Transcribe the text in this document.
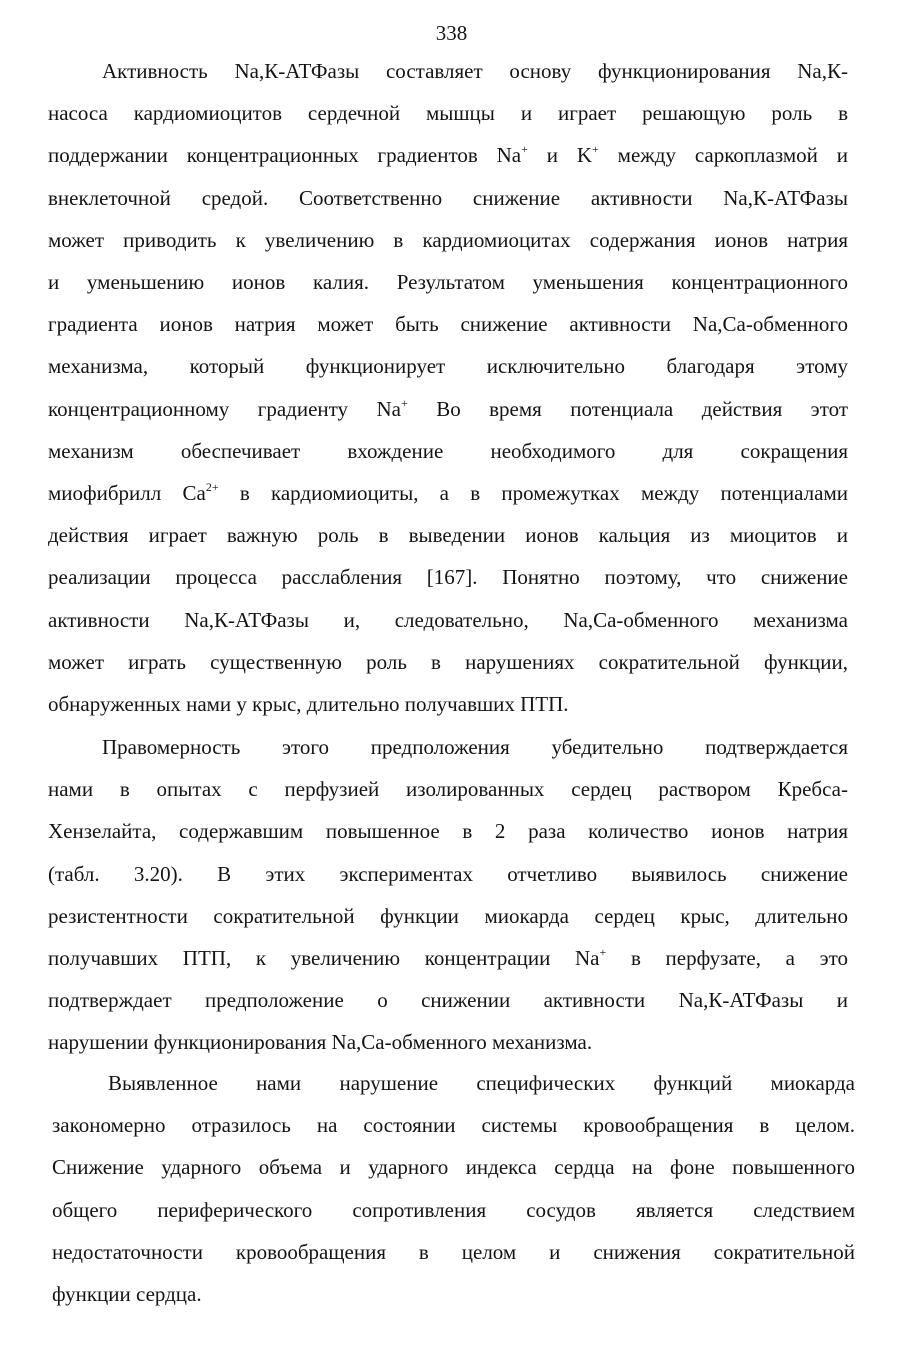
338
Активность Na,К-АТФазы составляет основу функционирования Na,К-
насоса кардиомиоцитов сердечной мышцы и играет решающую роль в
поддержании концентрационных градиентов Na+ и K+ между саркоплазмой и
внеклеточной средой. Соответственно снижение активности Na,К-АТФазы
может приводить к увеличению в кардиомиоцитах содержания ионов натрия
и уменьшению ионов калия. Результатом уменьшения концентрационного
градиента ионов натрия может быть снижение активности Na,Са-обменного
механизма, который функционирует исключительно благодаря этому
концентрационному градиенту Na+ Во время потенциала действия этот
механизм обеспечивает вхождение необходимого для сокращения
миофибрилл $Са^{2+}$ в кардиомиоциты, а в промежутках между потенциалами
действия играет важную роль в выведении ионов кальция из миоцитов и
реализации процесса расслабления [167]. Понятно поэтому, что снижение
активности Na,К-АТФазы и, следовательно, Na,Са-обменного механизма
может играть существенную роль в нарушениях сократительной функции,
обнаруженных нами у крыс, длительно получавших ПТП.
Правомерность этого предположения убедительно подтверждается
нами в опытах с перфузией изолированных сердец раствором Кребса-
Хензелайта, содержавшим повышенное в 2 раза количество ионов натрия
(табл. 3.20). В этих экспериментах отчетливо выявилось снижение
резистентности сократительной функции миокарда сердец крыс, длительно
получавших ПТП, к увеличению концентрации Na+ в перфузате, а это
подтверждает предположение о снижении активности Na,К-АТФазы и
нарушении функционирования Na,Са-обменного механизма.
Выявленное нами нарушение специфических функций миокарда
закономерно отразилось на состоянии системы кровообращения в целом.
Снижение ударного объема и ударного индекса сердца на фоне повышенного
общего периферического сопротивления сосудов является следствием
недостаточности кровообращения в целом и снижения сократительной
функции сердца.
